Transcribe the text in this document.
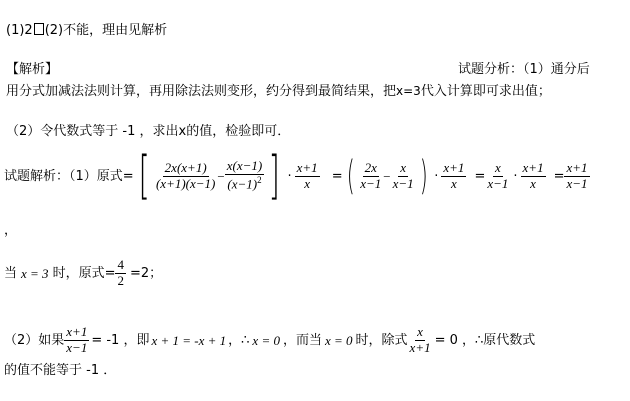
(1)2 (2)不能，理由见解析
【解析】	试题分析：（1）通分后
用分式加减法法则计算，再用除法法则变形，约分得到最简结果，把x=3代入计算即可求出值；
（2）令代数式等于 -1 ，求出x的值，检验即可．
试题解析：（1）原式= [ $\frac{2x(x+1)}{(x+1)(x-1)} - \frac{x(x-1)}{(x-1)^2}$ ] · $\frac{x+1}{x}$ = ( $\frac{2x}{x-1} - \frac{x}{x-1}$ ) · $\frac{x+1}{x} = \frac{x}{x-1} \cdot \frac{x+1}{x} = \frac{x+1}{x-1}$
，
当 x = 3 时，原式= $\frac{4}{2} =2$；
（2）如果 $\frac{x+1}{x-1} = -1$ ，即 x + 1 = -x + 1 ，∴ x = 0 ，而当 x = 0 时，除式 $\frac{x}{x+1} = 0$ ，∴原代数式
的值不能等于 -1 ．
